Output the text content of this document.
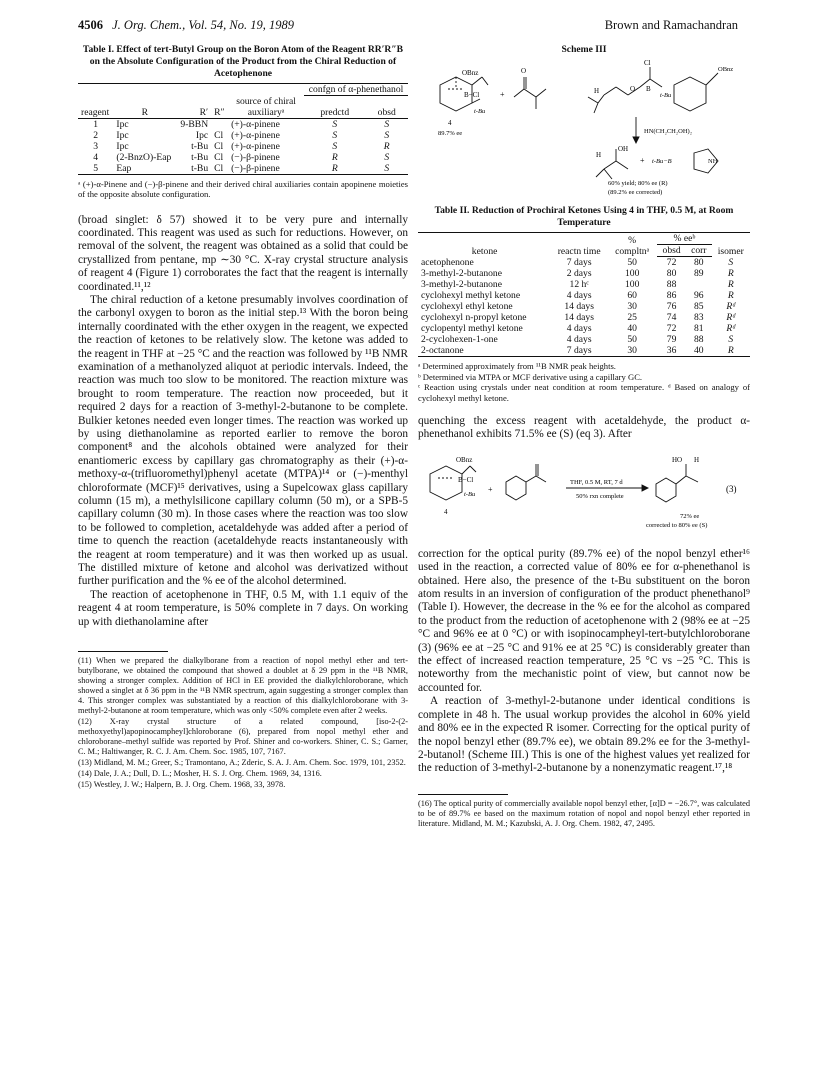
4506 J. Org. Chem., Vol. 54, No. 19, 1989	Brown and Ramachandran
Table I. Effect of tert-Butyl Group on the Boron Atom of the Reagent RR′R″B on the Absolute Configuration of the Product from the Chiral Reduction of Acetophenone
					confgn of α-phenethanol	
reagent	R	R′	R″	source of chiral auxiliaryᵃ	predctd	obsd
1	Ipc	9-BBN		(+)-α-pinene	S	S
2	Ipc	Ipc	Cl	(+)-α-pinene	S	S
3	Ipc	t-Bu	Cl	(+)-α-pinene	S	R
4	(2-BnzO)-Eap	t-Bu	Cl	(−)-β-pinene	R	S
5	Eap	t-Bu	Cl	(−)-β-pinene	R	S
ᵃ (+)-α-Pinene and (−)-β-pinene and their derived chiral auxiliaries contain apopinene moieties of the opposite absolute configuration.

(broad singlet: δ 57) showed it to be very pure and internally coordinated. This reagent was used as such for reductions. However, on removal of the solvent, the reagent was obtained as a solid that could be crystallized from pentane, mp ∼30 °C. X-ray crystal structure analysis of reagent 4 (Figure 1) corroborates the fact that the reagent is internally coordinated.¹¹,¹²

The chiral reduction of a ketone presumably involves coordination of the carbonyl oxygen to boron as the initial step.¹³ With the boron being internally coordinated with the ether oxygen in the reagent, we expected the reaction of ketones to be relatively slow. The ketone was added to the reagent in THF at −25 °C and the reaction was followed by ¹¹B NMR examination of a methanolyzed aliquot at periodic intervals. Indeed, the reaction was much too slow to be monitored. The reaction mixture was brought to room temperature. The reaction now proceeded, but it required 2 days for a reaction of 3-methyl-2-butanone to be complete. Bulkier ketones needed even longer times. The reaction was worked up by using diethanolamine as reported earlier to remove the boron component⁸ and the alcohols obtained were analyzed for their enantiomeric excess by capillary gas chromatography as their (+)-α-methoxy-α-(trifluoromethyl)phenyl acetate (MTPA)¹⁴ or (−)-menthyl chloroformate (MCF)¹⁵ derivatives, using a Supelcowax glass capillary column (15 m), a methylsilicone capillary column (50 m), or a SPB-5 capillary column (30 m). In those cases where the reaction was too slow to be followed to completion, acetaldehyde was added after a period of time to quench the reaction (acetaldehyde reacts instantaneously with the reagent at room temperature) and it was then worked up as usual. The distilled mixture of ketone and alcohol was derivatized without further purification and the % ee of the alcohol determined.

The reaction of acetophenone in THF, 0.5 M, with 1.1 equiv of the reagent 4 at room temperature, is 50% complete in 7 days. On working up with diethanolamine after

(11) When we prepared the dialkylborane from a reaction of nopol methyl ether and tert-butylborane, we obtained the compound that showed a doublet at δ 29 ppm in the ¹¹B NMR, showing a stronger complex. Addition of HCl in EE provided the dialkylchloroborane, which showed a singlet at δ 36 ppm in the ¹¹B NMR spectrum, again suggesting a stronger complex than 4. This stronger complex was substantiated by a reaction of this dialkylchloroborane with 3-methyl-2-butanone at room temperature, which was only <50% complete even after 2 weeks.
(12) X-ray crystal structure of a related compound, [iso-2-(2-methoxyethyl)apopinocampheyl]chloroborane (6), prepared from nopol methyl ether and chloroborane–methyl sulfide was reported by Prof. Shiner and co-workers. Shiner, C. S.; Garner, C. M.; Haltiwanger, R. C. J. Am. Chem. Soc. 1985, 107, 7167.
(13) Midland, M. M.; Greer, S.; Tramontano, A.; Zderic, S. A. J. Am. Chem. Soc. 1979, 101, 2352.
(14) Dale, J. A.; Dull, D. L.; Mosher, H. S. J. Org. Chem. 1969, 34, 1316.
(15) Westley, J. W.; Halpern, B. J. Org. Chem. 1968, 33, 3978.
Scheme III
OBnz
B−Cl
t-Bu
+
4
89.7% ee
O
Cl
H	O B
t-Bu
OBnz
HN(CH₂CH₂OH)₂
H
OH
+ t-Bu−B	NH
60% yield; 80% ee (R)
(89.2% ee corrected)
Table II. Reduction of Prochiral Ketones Using 4 in THF, 0.5 M, at Room Temperature
ketone	reactn time	% compltnᵃ	% eeᵇ		isomer
			obsd	corr	
acetophenone	7 days	50	72	80	S
3-methyl-2-butanone	2 days	100	80	89	R
3-methyl-2-butanone	12 hᶜ	100	88		R
cyclohexyl methyl ketone	4 days	60	86	96	R
cyclohexyl ethyl ketone	14 days	30	76	85	Rᵈ
cyclohexyl n-propyl ketone	14 days	25	74	83	Rᵈ
cyclopentyl methyl ketone	4 days	40	72	81	Rᵈ
2-cyclohexen-1-one	4 days	50	79	88	S
2-octanone	7 days	30	36	40	R
ᵃ Determined approximately from ¹¹B NMR peak heights.
ᵇ Determined via MTPA or MCF derivative using a capillary GC.
ᶜ Reaction using crystals under neat condition at room temperature. ᵈ Based on analogy of cyclohexyl methyl ketone.

quenching the excess reagent with acetaldehyde, the product α-phenethanol exhibits 71.5% ee (S) (eq 3). After

OBnz
B−Cl
t-Bu
+
4
THF, 0.5 M, RT, 7 d
50% rxn complete
HO H
72% ee
corrected to 80% ee (S)
(3)

correction for the optical purity (89.7% ee) of the nopol benzyl ether¹⁶ used in the reaction, a corrected value of 80% ee for α-phenethanol is obtained. Here also, the presence of the t-Bu substituent on the boron atom results in an inversion of configuration of the product phenethanol⁹ (Table I). However, the decrease in the % ee for the alcohol as compared to the product from the reduction of acetophenone with 2 (98% ee at −25 °C and 96% ee at 0 °C) or with isopinocampheyl-tert-butylchloroborane (3) (96% ee at −25 °C and 91% ee at 25 °C) is considerably greater than the effect of increased reaction temperature, 25 °C vs −25 °C. This is noteworthy from the mechanistic point of view, but cannot now be accounted for.

A reaction of 3-methyl-2-butanone under identical conditions is complete in 48 h. The usual workup provides the alcohol in 60% yield and 80% ee in the expected R isomer. Correcting for the optical purity of the nopol benzyl ether (89.7% ee), we obtain 89.2% ee for the 3-methyl-2-butanol! (Scheme III.) This is one of the highest values yet realized for the reduction of 3-methyl-2-butanone by a nonenzymatic reagent.¹⁷,¹⁸

(16) The optical purity of commercially available nopol benzyl ether, [α]D = −26.7°, was calculated to be of 89.7% ee based on the maximum rotation of nopol and nopol benzyl ether reported in literature. Midland, M. M.; Kazubski, A. J. Org. Chem. 1982, 47, 2495.
